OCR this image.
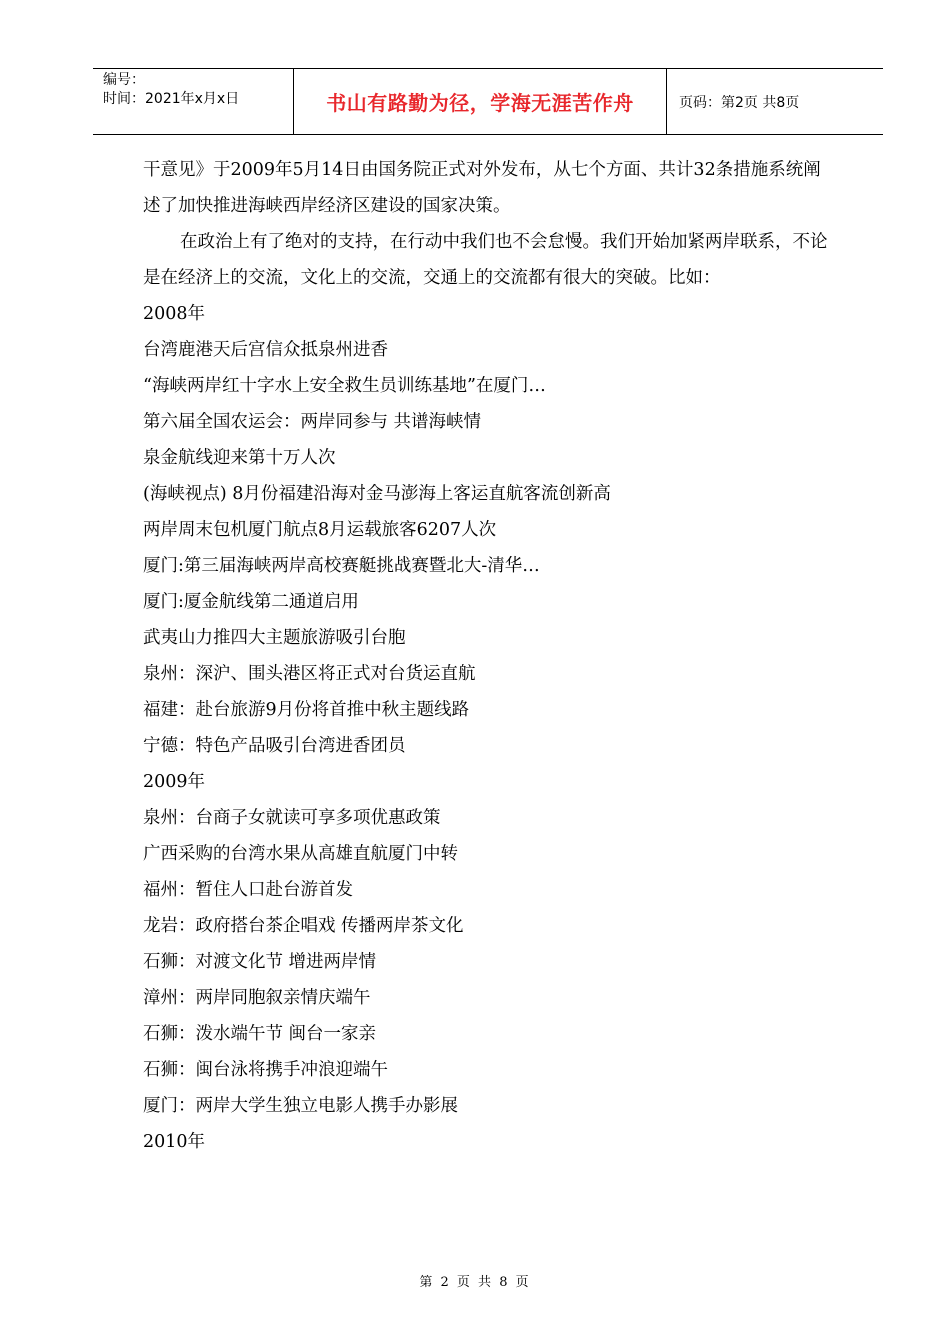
编号：
时间：2021年x月x日	书山有路勤为径，学海无涯苦作舟	页码：第2页 共8页

干意见》于2009年5月14日由国务院正式对外发布，从七个方面、共计32条措施系统阐述了加快推进海峡西岸经济区建设的国家决策。

在政治上有了绝对的支持，在行动中我们也不会怠慢。我们开始加紧两岸联系，不论是在经济上的交流，文化上的交流，交通上的交流都有很大的突破。比如：

2008年

台湾鹿港天后宫信众抵泉州进香

“海峡两岸红十字水上安全救生员训练基地”在厦门…

第六届全国农运会：两岸同参与 共谱海峡情

泉金航线迎来第十万人次

(海峡视点) 8月份福建沿海对金马澎海上客运直航客流创新高

两岸周末包机厦门航点8月运载旅客6207人次

厦门:第三届海峡两岸高校赛艇挑战赛暨北大-清华…

厦门:厦金航线第二通道启用

武夷山力推四大主题旅游吸引台胞

泉州：深沪、围头港区将正式对台货运直航

福建：赴台旅游9月份将首推中秋主题线路

宁德：特色产品吸引台湾进香团员

2009年

泉州：台商子女就读可享多项优惠政策

广西采购的台湾水果从高雄直航厦门中转

福州：暂住人口赴台游首发

龙岩：政府搭台茶企唱戏 传播两岸茶文化

石狮：对渡文化节 增进两岸情

漳州：两岸同胞叙亲情庆端午

石狮：泼水端午节 闽台一家亲

石狮：闽台泳将携手冲浪迎端午

厦门：两岸大学生独立电影人携手办影展

2010年

第 2 页 共 8 页
